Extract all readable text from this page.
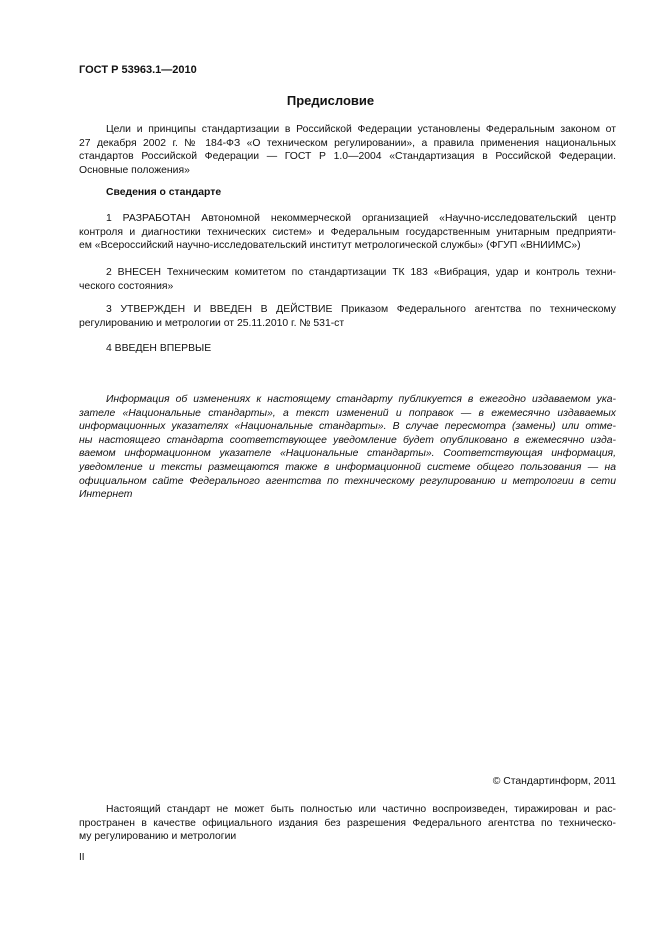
ГОСТ Р 53963.1—2010
Предисловие
Цели и принципы стандартизации в Российской Федерации установлены Федеральным законом от
27 декабря 2002 г. № 184-ФЗ «О техническом регулировании», а правила применения национальных
стандартов Российской Федерации — ГОСТ Р 1.0—2004 «Стандартизация в Российской Федерации.
Основные положения»
Сведения о стандарте
1 РАЗРАБОТАН Автономной некоммерческой организацией «Научно-исследовательский центр
контроля и диагностики технических систем» и Федеральным государственным унитарным предприяти-
ем «Всероссийский научно-исследовательский институт метрологической службы» (ФГУП «ВНИИМС»)
2 ВНЕСЕН Техническим комитетом по стандартизации ТК 183 «Вибрация, удар и контроль техни-
ческого состояния»
3 УТВЕРЖДЕН И ВВЕДЕН В ДЕЙСТВИЕ Приказом Федерального агентства по техническому
регулированию и метрологии от 25.11.2010 г. № 531-ст
4 ВВЕДЕН ВПЕРВЫЕ
Информация об изменениях к настоящему стандарту публикуется в ежегодно издаваемом ука-
зателе «Национальные стандарты», а текст изменений и поправок — в ежемесячно издаваемых
информационных указателях «Национальные стандарты». В случае пересмотра (замены) или отме-
ны настоящего стандарта соответствующее уведомление будет опубликовано в ежемесячно изда-
ваемом информационном указателе «Национальные стандарты». Соответствующая информация,
уведомление и тексты размещаются также в информационной системе общего пользования — на
официальном сайте Федерального агентства по техническому регулированию и метрологии в сети
Интернет
© Стандартинформ, 2011
Настоящий стандарт не может быть полностью или частично воспроизведен, тиражирован и рас-
пространен в качестве официального издания без разрешения Федерального агентства по техническо-
му регулированию и метрологии
II
